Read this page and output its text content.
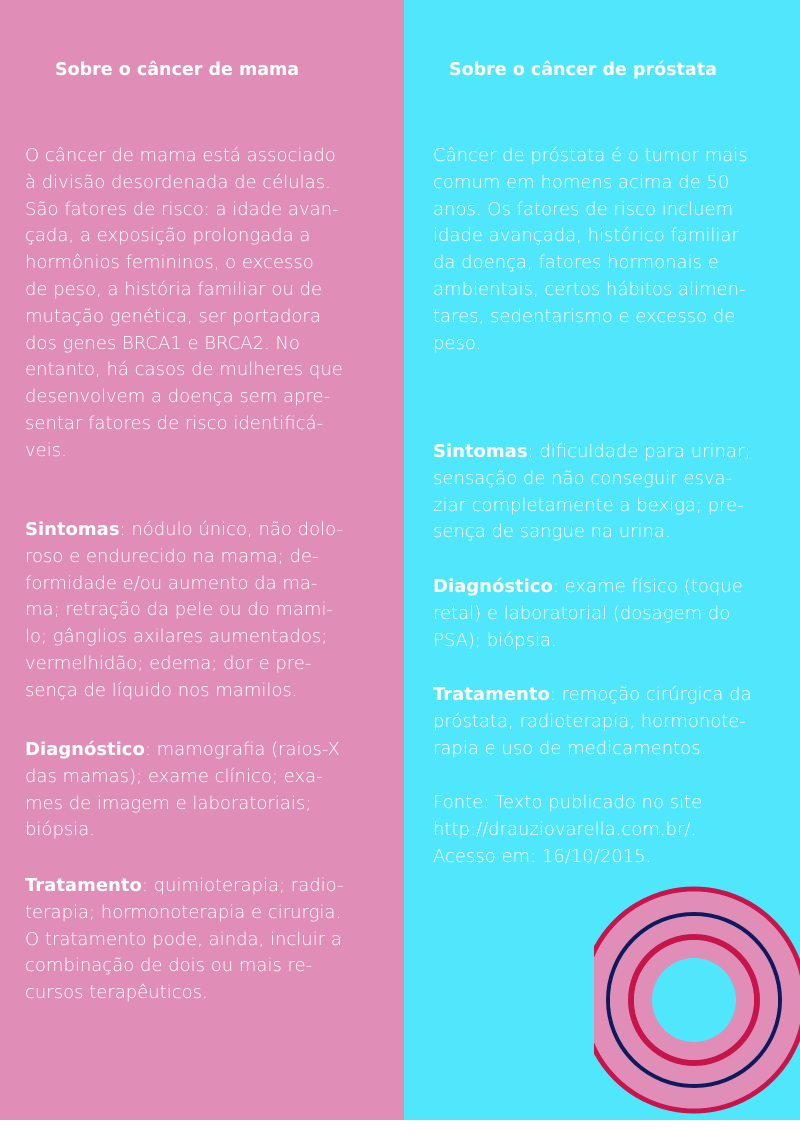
Sobre o câncer de mama

O câncer de mama está associado
à divisão desordenada de células.
São fatores de risco: a idade avan-
çada, a exposição prolongada a
hormônios femininos, o excesso
de peso, a história familiar ou de
mutação genética, ser portadora
dos genes BRCA1 e BRCA2. No
entanto, há casos de mulheres que
desenvolvem a doença sem apre-
sentar fatores de risco identificá-
veis.

Sintomas: nódulo único, não dolo-
roso e endurecido na mama; de-
formidade e/ou aumento da ma-
ma; retração da pele ou do mami-
lo; gânglios axilares aumentados;
vermelhidão; edema; dor e pre-
sença de líquido nos mamilos.

Diagnóstico: mamografia (raios-X
das mamas); exame clínico; exa-
mes de imagem e laboratoriais;
biópsia.

Tratamento: quimioterapia; radio-
terapia; hormonoterapia e cirurgia.
O tratamento pode, ainda, incluir a
combinação de dois ou mais re-
cursos terapêuticos.

Sobre o câncer de próstata

Câncer de próstata é o tumor mais
comum em homens acima de 50
anos. Os fatores de risco incluem
idade avançada, histórico familiar
da doença, fatores hormonais e
ambientais, certos hábitos alimen-
tares, sedentarismo e excesso de
peso.

Sintomas: dificuldade para urinar;
sensação de não conseguir esva-
ziar completamente a bexiga; pre-
sença de sangue na urina.

Diagnóstico: exame físico (toque
retal) e laboratorial (dosagem do
PSA); biópsia.

Tratamento: remoção cirúrgica da
próstata, radioterapia, hormonote-
rapia e uso de medicamentos.

Fonte: Texto publicado no site
http://drauziovarella.com.br/.
Acesso em: 16/10/2015.
